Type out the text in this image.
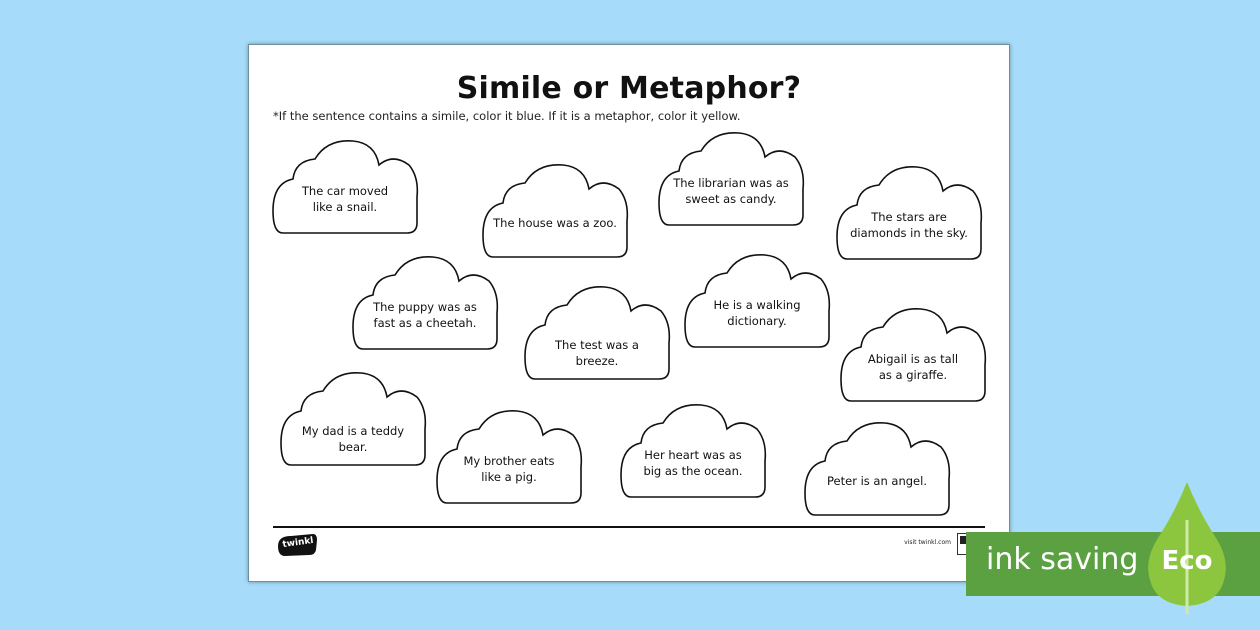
Simile or Metaphor?
*If the sentence contains a simile, color it blue. If it is a metaphor, color it yellow.
The car moved
like a snail.
The house was a zoo.
The librarian was as
sweet as candy.
The stars are
diamonds in the sky.
The puppy was as
fast as a cheetah.
The test was a breeze.
He is a walking
dictionary.
Abigail is as tall
as a giraffe.
My dad is a teddy bear.
My brother eats
like a pig.
Her heart was as
big as the ocean.
Peter is an angel.
twinkl	visit twinkl.com ink saving Eco
